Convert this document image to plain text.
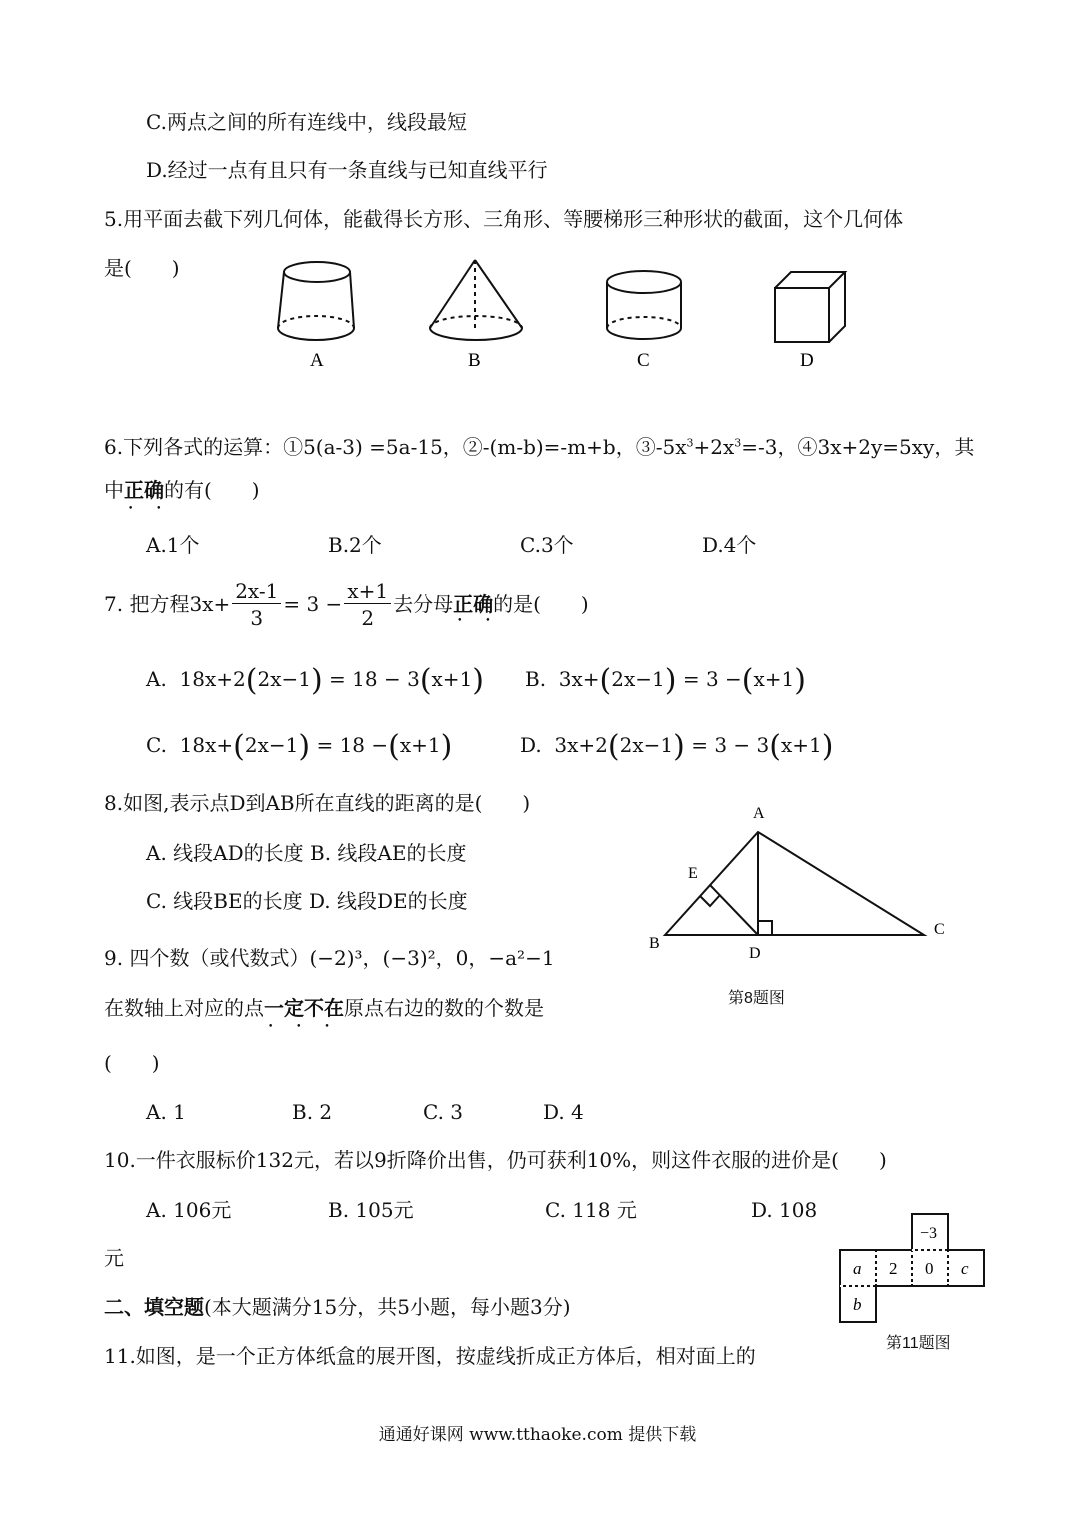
C.两点之间的所有连线中，线段最短
D.经过一点有且只有一条直线与已知直线平行
5.用平面去截下列几何体，能截得长方形、三角形、等腰梯形三种形状的截面，这个几何体
是(　　)
A	B	C	D
6.下列各式的运算：①5(a-3) =5a-15，②-(m-b)=-m+b，$③-5x^3+2x^3=-3$，④3x+2y=5xy，其
中正确 • •的有(　　)
A.1个	B.2个	C.3个	D.4个
7. 把方程$3x+ \frac{2x-1}{3} = 3 - \frac{x+1}{2}$ 去分母 正确 • • 的是(　　)
A. 18x+2(2x−1) = 18 − 3(x+1) B. 3x+(2x−1) = 3 −(x+1)
C. 18x+(2x−1) = 18 −(x+1)	D. 3x+2(2x−1) = 3 − 3(x+1)
8.如图,表示点D到AB所在直线的距离的是(　　)
A. 线段AD的长度 B. 线段AE的长度
C. 线段BE的长度 D. 线段DE的长度
A
B
C
D
E
第8题图
9. 四个数（或代数式）(−2)³，(−3)²，0，−a²−1
在数轴上对应的点一定不在 • • •原点右边的数的个数是
(　　)
A. 1	B. 2	C. 3	D. 4
10.一件衣服标价132元，若以9折降价出售，仍可获利10%，则这件衣服的进价是(　　)
A. 106元	B. 105元	C. 118 元	D. 108
元
二、填空题(本大题满分15分，共5小题，每小题3分)
11.如图，是一个正方体纸盒的展开图，按虚线折成正方体后，相对面上的
−3
a 2 0 c
b
第11题图
通通好课网 www.tthaoke.com 提供下载
